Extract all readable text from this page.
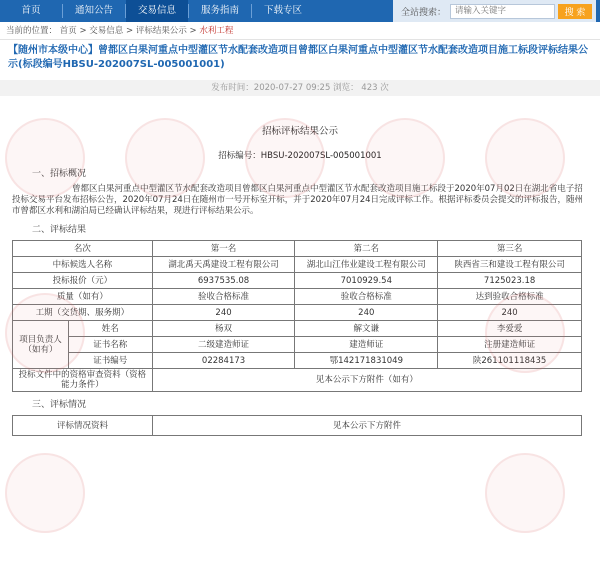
首页	通知公告	交易信息	服务指南	下载专区	全站搜索：
请输入关键字	搜 索
当前的位置： 首页 > 交易信息 > 评标结果公示 > 水利工程
【随州市本级中心】曾都区白果河重点中型灌区节水配套改造项目曾都区白果河重点中型灌区节水配套改造项目施工标段评标结果公示(标段编号HBSU-202007SL-005001001)
发布时间：2020-07-27 09:25 浏览： 423 次
招标评标结果公示
招标编号：HBSU-202007SL-005001001
一、招标概况
曾都区白果河重点中型灌区节水配套改造项目曾都区白果河重点中型灌区节水配套改造项目施工标段于2020年07月02日在湖北省电子招投标交易平台发布招标公告，2020年07月24日在随州市一号开标室开标，并于2020年07月24日完成评标工作。根据评标委员会提交的评标报告，随州市曾都区水利和湖泊局已经确认评标结果，现进行评标结果公示。
二、评标结果
名次		第一名	第二名	第三名
中标候选人名称		湖北禹天禹建设工程有限公司	湖北山江伟业建设工程有限公司	陕西省三和建设工程有限公司
投标报价（元）		6937535.08	7010929.54	7125023.18
质量（如有）		验收合格标准	验收合格标准	达到验收合格标准
工期（交货期、服务期）		240	240	240
项目负责人（如有）	姓名	杨双	解文谦	李爱爱
	证书名称	二级建造师证	建造师证	注册建造师证
	证书编号	02284173	鄂142171831049	陕261101118435
投标文件中的资格审查资料（资格能力条件）		见本公示下方附件（如有）		
三、评标情况
评标情况资料	见本公示下方附件
